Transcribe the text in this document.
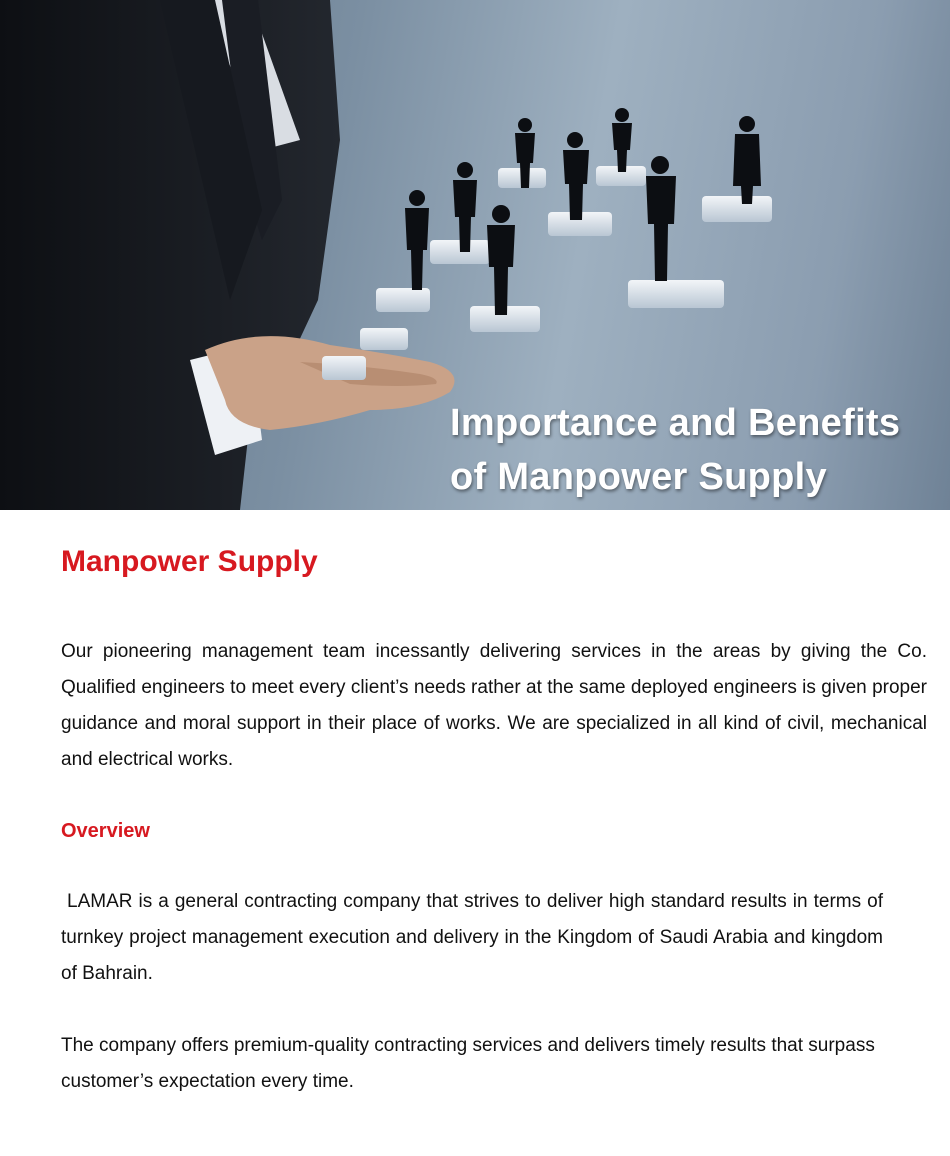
Importance and Benefits
of Manpower Supply
Manpower Supply

Our pioneering management team incessantly delivering services in the areas by giving the Co. Qualified engineers to meet every client’s needs rather at the same deployed engineers is given proper guidance and moral support in their place of works. We are specialized in all kind of civil, mechanical and electrical works.

Overview

LAMAR is a general contracting company that strives to deliver high standard results in terms of turnkey project management execution and delivery in the Kingdom of Saudi Arabia and kingdom of Bahrain.

The company offers premium-quality contracting services and delivers timely results that surpass customer’s expectation every time.
